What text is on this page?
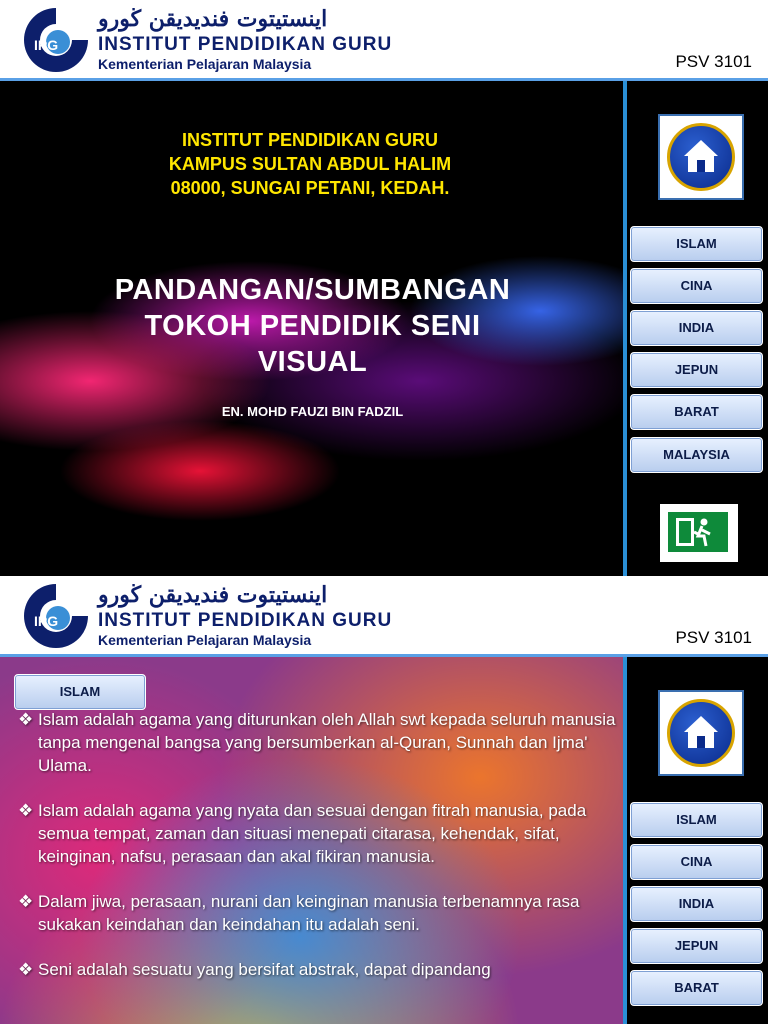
IPG
اينستيتوت فنديديقن ڬورو
INSTITUT PENDIDIKAN GURU
Kementerian Pelajaran Malaysia	PSV 3101
INSTITUT PENDIDIKAN GURU
KAMPUS SULTAN ABDUL HALIM
08000, SUNGAI PETANI, KEDAH.
PANDANGAN/SUMBANGAN
TOKOH PENDIDIK SENI
VISUAL
EN. MOHD FAUZI BIN FADZIL
ISLAM
CINA
INDIA
JEPUN
BARAT
MALAYSIA
IPG
اينستيتوت فنديديقن ڬورو
INSTITUT PENDIDIKAN GURU
Kementerian Pelajaran Malaysia	PSV 3101
ISLAM
CINA
INDIA
JEPUN
BARAT
ISLAM
❖ Islam adalah agama yang diturunkan oleh Allah swt kepada seluruh manusia tanpa mengenal bangsa yang bersumberkan al-Quran, Sunnah dan Ijma' Ulama.
❖ Islam adalah agama yang nyata dan sesuai dengan fitrah manusia, pada semua tempat, zaman dan situasi menepati citarasa, kehendak, sifat, keinginan, nafsu, perasaan dan akal fikiran manusia.
❖ Dalam jiwa, perasaan, nurani dan keinginan manusia terbenamnya rasa sukakan keindahan dan keindahan itu adalah seni.
❖ Seni adalah sesuatu yang bersifat abstrak, dapat dipandang
